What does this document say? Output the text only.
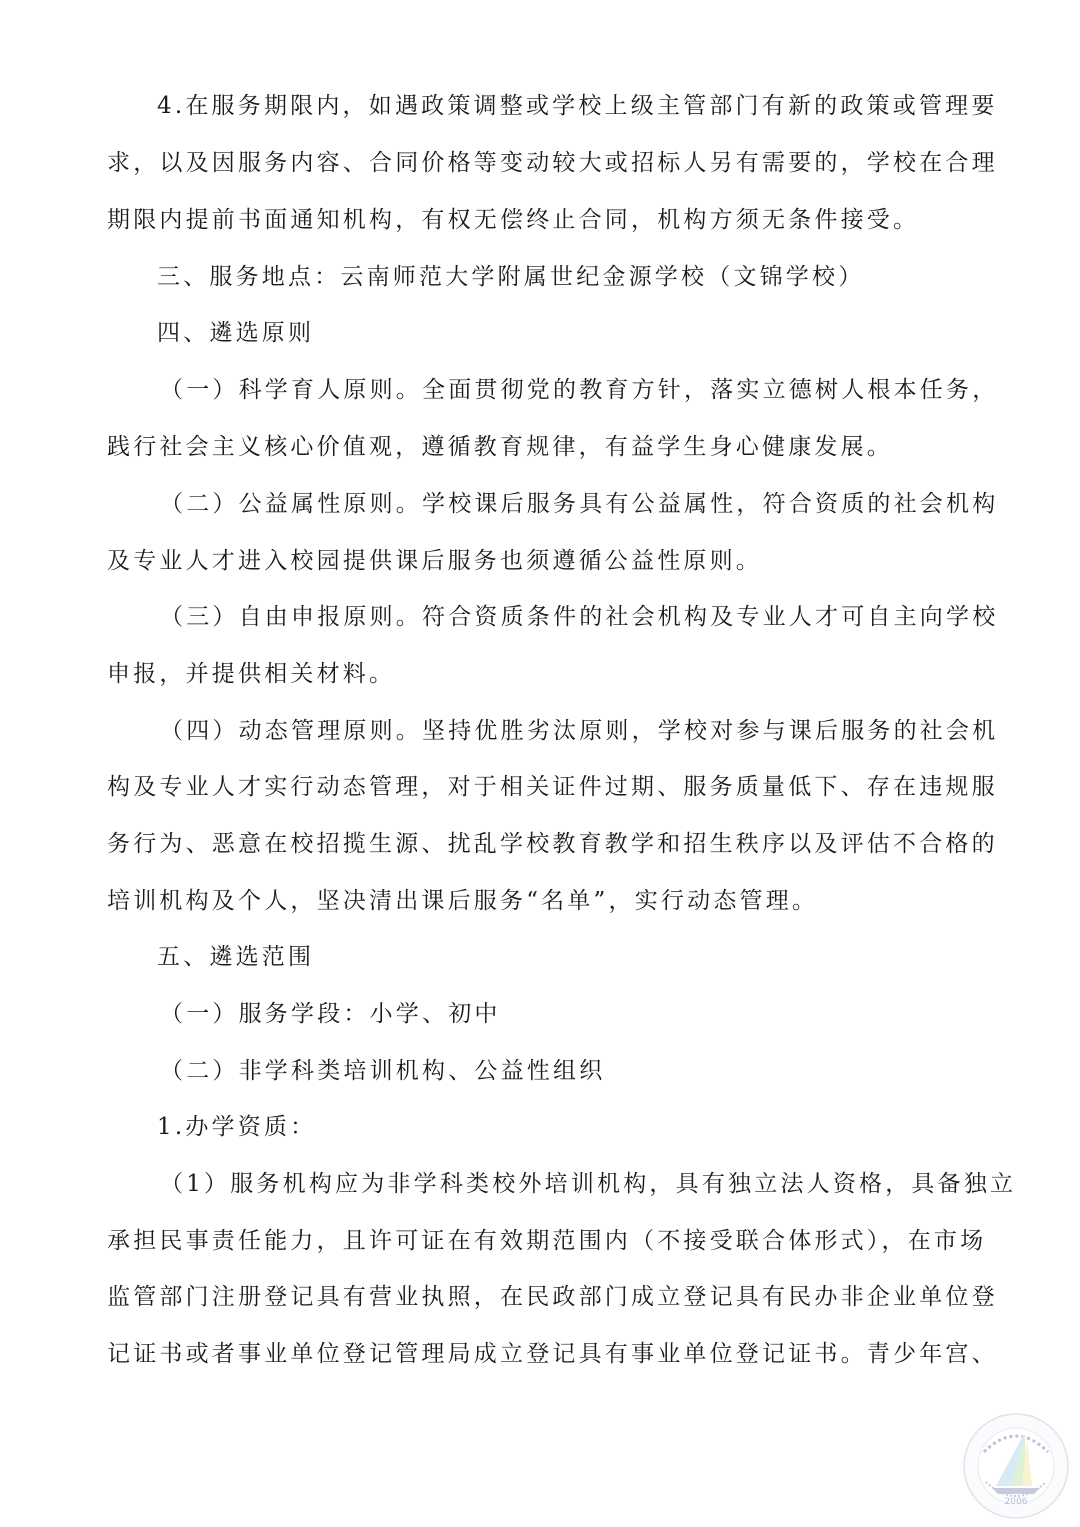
4.在服务期限内，如遇政策调整或学校上级主管部门有新的政策或管理要
求，以及因服务内容、合同价格等变动较大或招标人另有需要的，学校在合理
期限内提前书面通知机构，有权无偿终止合同，机构方须无条件接受。
三、服务地点：云南师范大学附属世纪金源学校（文锦学校）
四、遴选原则
（一）科学育人原则。全面贯彻党的教育方针，落实立德树人根本任务，
践行社会主义核心价值观，遵循教育规律，有益学生身心健康发展。
（二）公益属性原则。学校课后服务具有公益属性，符合资质的社会机构
及专业人才进入校园提供课后服务也须遵循公益性原则。
（三）自由申报原则。符合资质条件的社会机构及专业人才可自主向学校
申报，并提供相关材料。
（四）动态管理原则。坚持优胜劣汰原则，学校对参与课后服务的社会机
构及专业人才实行动态管理，对于相关证件过期、服务质量低下、存在违规服
务行为、恶意在校招揽生源、扰乱学校教育教学和招生秩序以及评估不合格的
培训机构及个人，坚决清出课后服务“名单”，实行动态管理。
五、遴选范围
（一）服务学段：小学、初中
（二）非学科类培训机构、公益性组织
1.办学资质：
（1）服务机构应为非学科类校外培训机构，具有独立法人资格，具备独立
承担民事责任能力，且许可证在有效期范围内（不接受联合体形式），在市场
监管部门注册登记具有营业执照，在民政部门成立登记具有民办非企业单位登
记证书或者事业单位登记管理局成立登记具有事业单位登记证书。青少年宫、
2006
